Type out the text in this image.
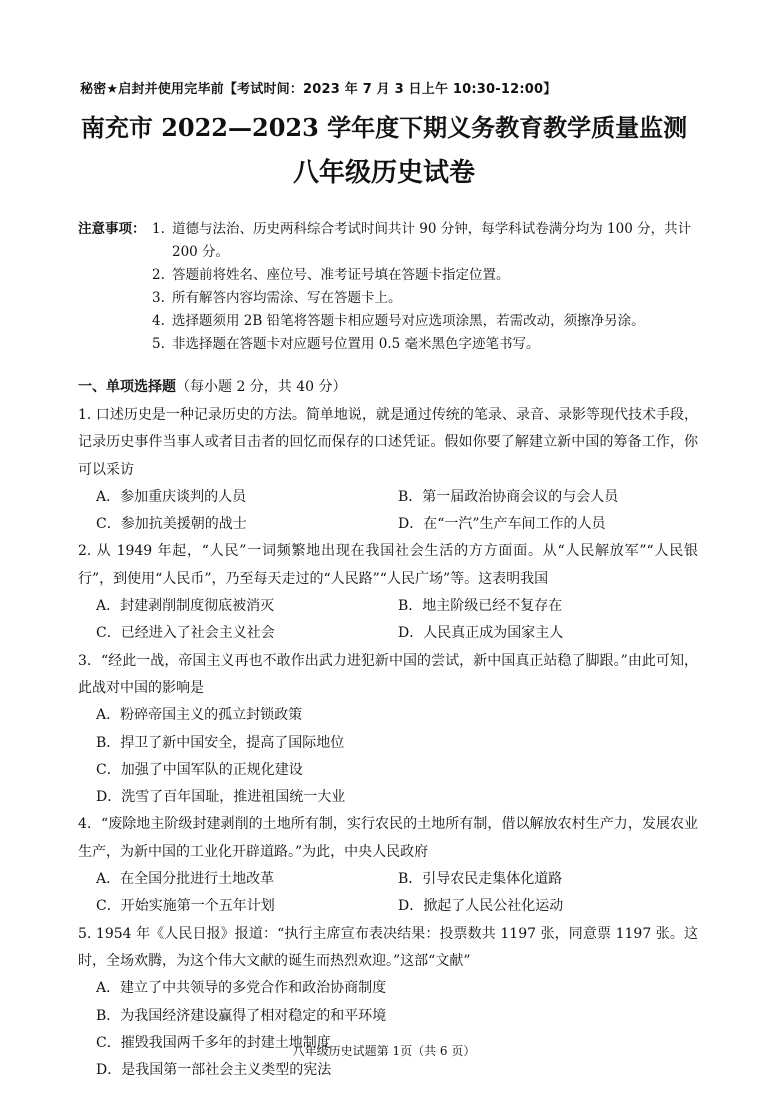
秘密★启封并使用完毕前【考试时间：2023 年 7 月 3 日上午 10:30-12:00】
南充市 2022—2023 学年度下期义务教育教学质量监测
八年级历史试卷
注意事项： 1. 道德与法治、历史两科综合考试时间共计 90 分钟，每学科试卷满分均为 100 分，共计 200 分。
2. 答题前将姓名、座位号、准考证号填在答题卡指定位置。
3. 所有解答内容均需涂、写在答题卡上。
4. 选择题须用 2B 铅笔将答题卡相应题号对应选项涂黑，若需改动，须擦净另涂。
5. 非选择题在答题卡对应题号位置用 0.5 毫米黑色字迹笔书写。
一、单项选择题（每小题 2 分，共 40 分）
1. 口述历史是一种记录历史的方法。简单地说，就是通过传统的笔录、录音、录影等现代技术手段，记录历史事件当事人或者目击者的回忆而保存的口述凭证。假如你要了解建立新中国的筹备工作，你可以采访
A．参加重庆谈判的人员	B．第一届政治协商会议的与会人员
C．参加抗美援朝的战士	D．在“一汽”生产车间工作的人员
2. 从 1949 年起，“人民”一词频繁地出现在我国社会生活的方方面面。从“人民解放军”“人民银行”，到使用“人民币”，乃至每天走过的“人民路”“人民广场”等。这表明我国
A．封建剥削制度彻底被消灭	B．地主阶级已经不复存在
C．已经进入了社会主义社会	D．人民真正成为国家主人
3．“经此一战，帝国主义再也不敢作出武力进犯新中国的尝试，新中国真正站稳了脚跟。”由此可知，此战对中国的影响是
A．粉碎帝国主义的孤立封锁政策
B．捍卫了新中国安全，提高了国际地位
C．加强了中国军队的正规化建设
D．洗雪了百年国耻，推进祖国统一大业
4．“废除地主阶级封建剥削的土地所有制，实行农民的土地所有制，借以解放农村生产力，发展农业生产，为新中国的工业化开辟道路。”为此，中央人民政府
A．在全国分批进行土地改革	B．引导农民走集体化道路
C．开始实施第一个五年计划	D．掀起了人民公社化运动
5. 1954 年《人民日报》报道：“执行主席宣布表决结果：投票数共 1197 张，同意票 1197 张。这时，全场欢腾，为这个伟大文献的诞生而热烈欢迎。”这部“文献”
A．建立了中共领导的多党合作和政治协商制度
B．为我国经济建设赢得了相对稳定的和平环境
C．摧毁我国两千多年的封建土地制度
D．是我国第一部社会主义类型的宪法
八年级历史试题第 1页（共 6 页）
